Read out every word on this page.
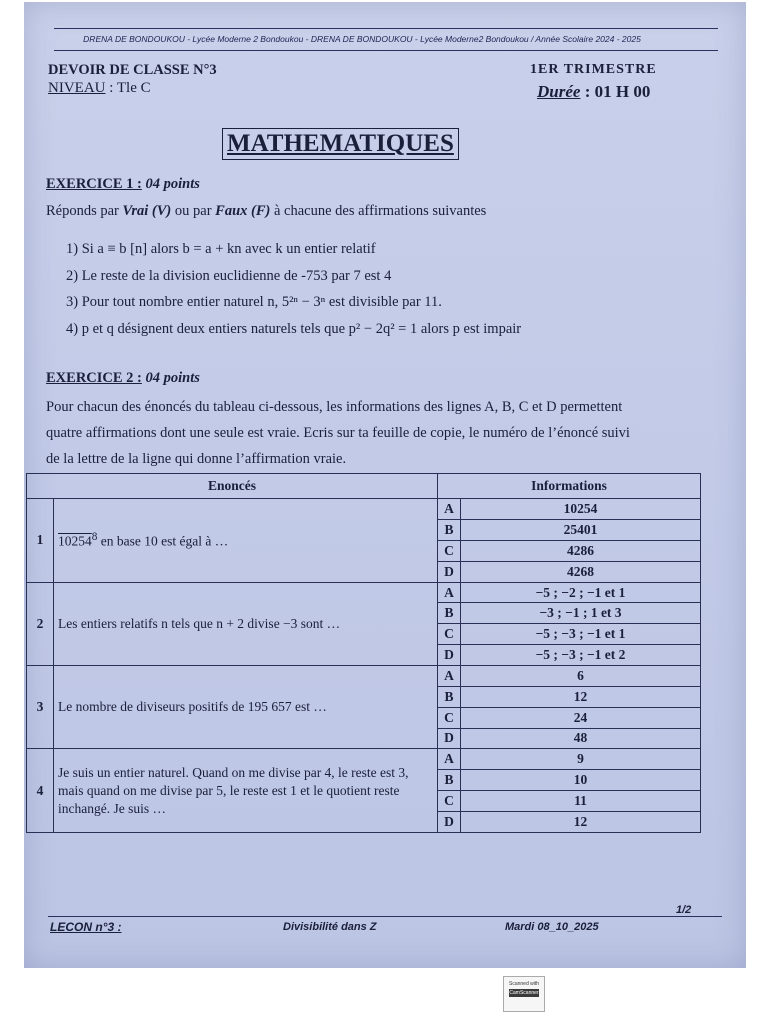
DRENA DE BONDOUKOU - Lycée Moderne 2 Bondoukou - DRENA DE BONDOUKOU - Lycée Moderne2 Bondoukou / Année Scolaire 2024 - 2025
DEVOIR DE CLASSE N°3	1ER TRIMESTRE
NIVEAU : Tle C	Durée : 01 H 00
MATHEMATIQUES
EXERCICE 1 : 04 points
Réponds par Vrai (V) ou par Faux (F) à chacune des affirmations suivantes
1) Si a ≡ b [n] alors b = a + kn avec k un entier relatif
2) Le reste de la division euclidienne de -753 par 7 est 4
3) Pour tout nombre entier naturel n, 5²ⁿ − 3ⁿ est divisible par 11.
4) p et q désignent deux entiers naturels tels que p² − 2q² = 1 alors p est impair
EXERCICE 2 : 04 points
Pour chacun des énoncés du tableau ci-dessous, les informations des lignes A, B, C et D permettent
quatre affirmations dont une seule est vraie. Ecris sur ta feuille de copie, le numéro de l’énoncé suivi
de la lettre de la ligne qui donne l’affirmation vraie.
Enoncés		Informations	
1	10254$^8$ en base 10 est égal à …	A	10254
		B	25401
		C	4286
		D	4268
2	Les entiers relatifs n tels que n + 2 divise −3 sont …	A	−5 ; −2 ; −1 et 1
		B	−3 ; −1 ; 1 et 3
		C	−5 ; −3 ; −1 et 1
		D	−5 ; −3 ; −1 et 2
3	Le nombre de diviseurs positifs de 195 657 est …	A	6
		B	12
		C	24
		D	48
4	Je suis un entier naturel. Quand on me divise par 4, le reste est 3, mais quand on me divise par 5, le reste est 1 et le quotient reste inchangé. Je suis …	A	9
		B	10
		C	11
		D	12
1/2
LECON n°3 :	Divisibilité dans Z	Mardi 08_10_2025
Scanned with
CamScanner
